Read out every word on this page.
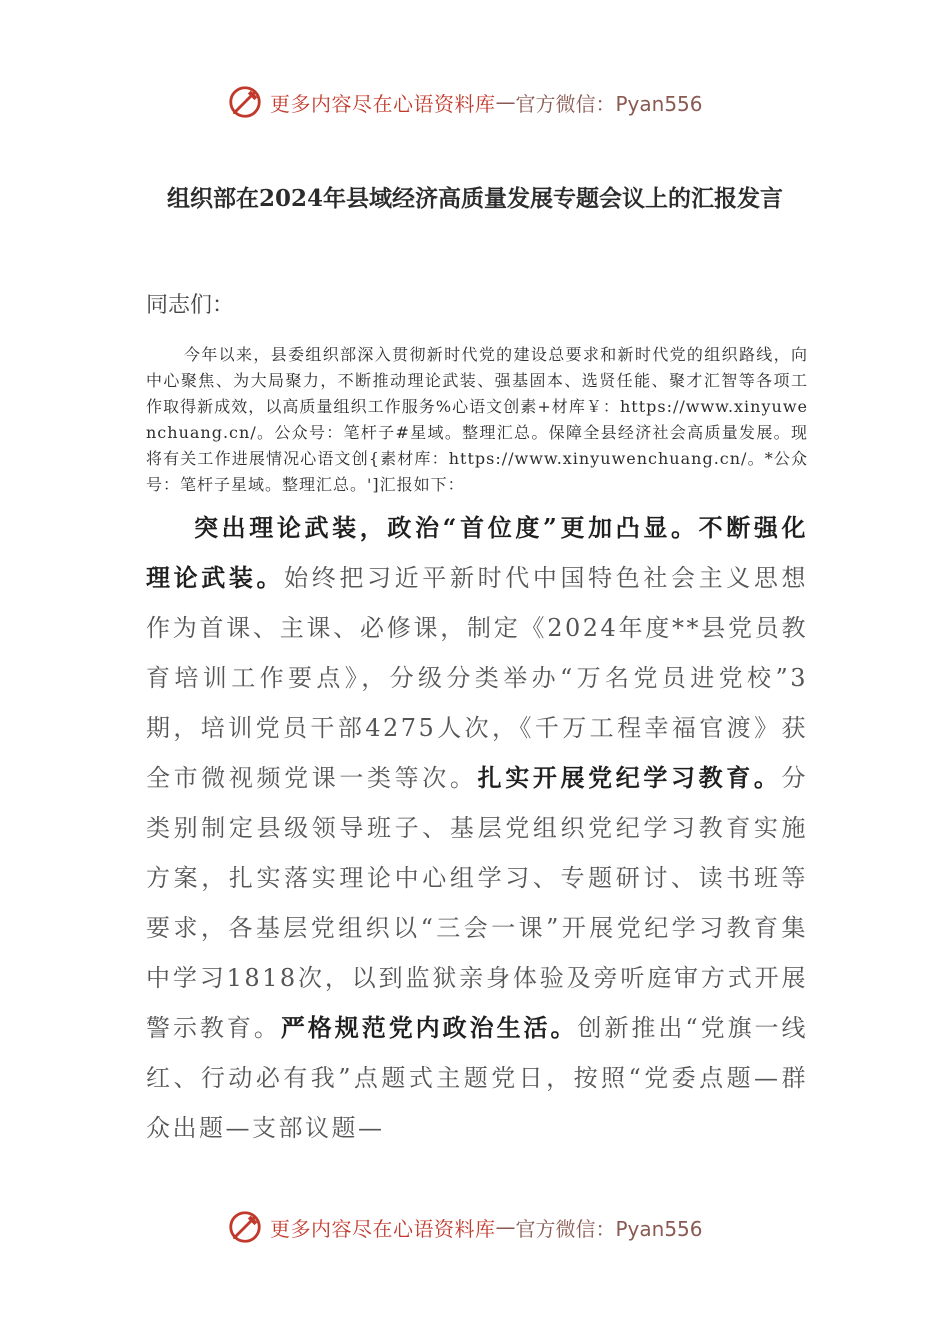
更多内容尽在心语资料库 — 官方微信：Pyan556
组织部在2024年县域经济高质量发展专题会议上的汇报发言
同志们：
今年以来，县委组织部深入贯彻新时代党的建设总要求和新时代党的组织路线，向中心聚焦、为大局聚力，不断推动理论武装、强基固本、选贤任能、聚才汇智等各项工作取得新成效，以高质量组织工作服务%心语文创素+材库￥：https://www.xinyuwenchuang.cn/。公众号：笔杆子#星域。整理汇总。保障全县经济社会高质量发展。现将有关工作进展情况心语文创{素材库：https://www.xinyuwenchuang.cn/。*公众号：笔杆子星域。整理汇总。']汇报如下：
突出理论武装，政治“首位度”更加凸显。不断强化理论武装。始终把习近平新时代中国特色社会主义思想作为首课、主课、必修课，制定《2024年度**县党员教育培训工作要点》，分级分类举办“万名党员进党校”3期，培训党员干部4275人次，《千万工程幸福官渡》获全市微视频党课一类等次。扎实开展党纪学习教育。分类别制定县级领导班子、基层党组织党纪学习教育实施方案，扎实落实理论中心组学习、专题研讨、读书班等要求，各基层党组织以“三会一课”开展党纪学习教育集中学习1818次，以到监狱亲身体验及旁听庭审方式开展警示教育。严格规范党内政治生活。创新推出“党旗一线红、行动必有我”点题式主题党日，按照“党委点题—群众出题—支部议题—
更多内容尽在心语资料库 — 官方微信：Pyan556
